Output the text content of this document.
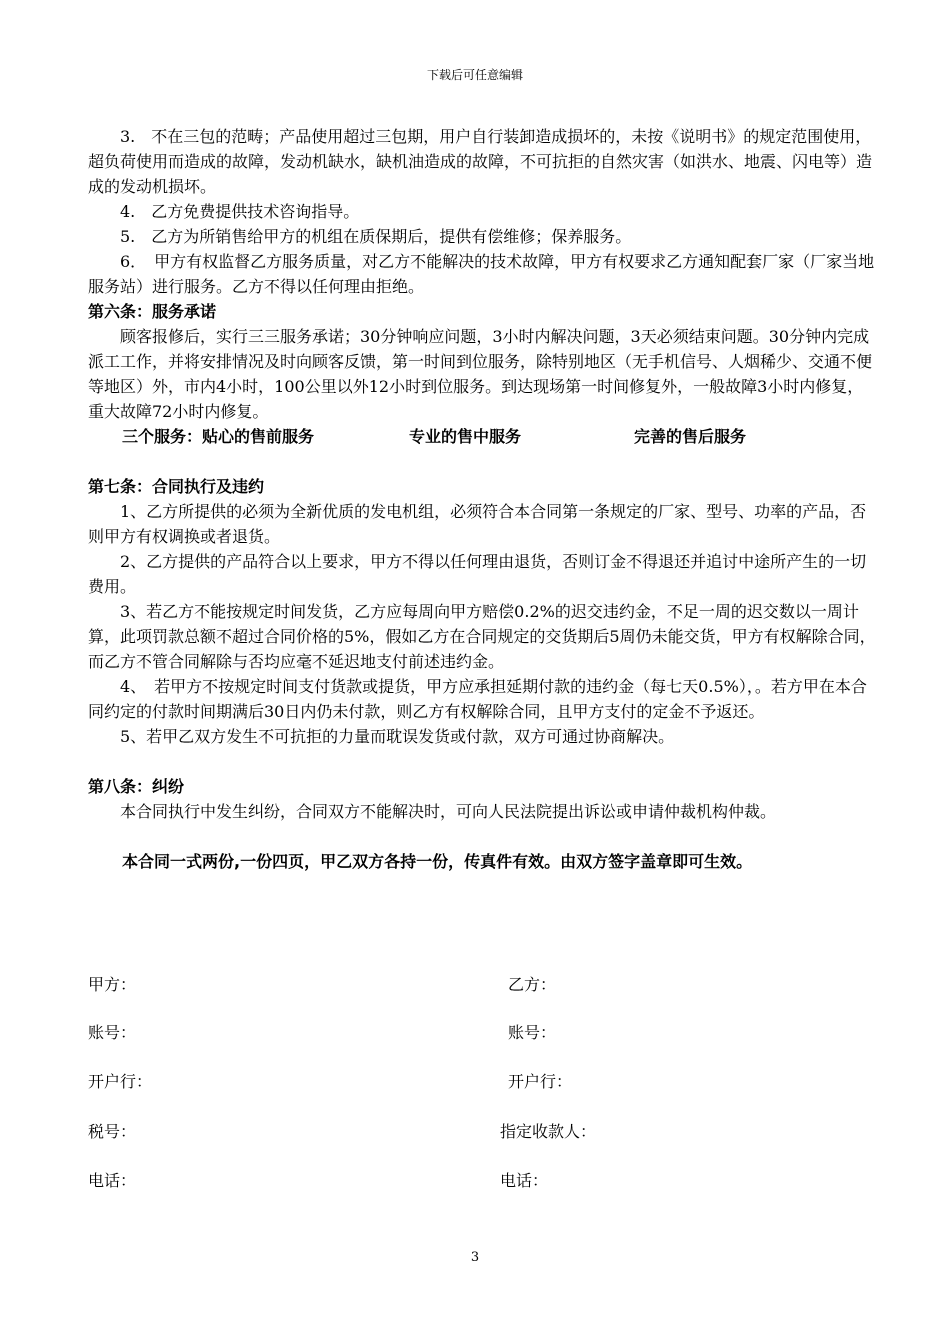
下载后可任意编辑

3.　不在三包的范畴；产品使用超过三包期，用户自行装卸造成损坏的，未按《说明书》的规定范围使用，超负荷使用而造成的故障，发动机缺水，缺机油造成的故障，不可抗拒的自然灾害（如洪水、地震、闪电等）造成的发动机损坏。

4.　乙方免费提供技术咨询指导。

5.　乙方为所销售给甲方的机组在质保期后，提供有偿维修；保养服务。

6．　甲方有权监督乙方服务质量，对乙方不能解决的技术故障，甲方有权要求乙方通知配套厂家（厂家当地服务站）进行服务。乙方不得以任何理由拒绝。

第六条：服务承诺

顾客报修后，实行三三服务承诺；30分钟响应问题，3小时内解决问题，3天必须结束问题。30分钟内完成派工工作，并将安排情况及时向顾客反馈，第一时间到位服务，除特别地区（无手机信号、人烟稀少、交通不便等地区）外，市内4小时，100公里以外12小时到位服务。到达现场第一时间修复外，一般故障3小时内修复，重大故障72小时内修复。

三个服务：贴心的售前服务	专业的售中服务	完善的售后服务

第七条：合同执行及违约

1、乙方所提供的必须为全新优质的发电机组，必须符合本合同第一条规定的厂家、型号、功率的产品，否则甲方有权调换或者退货。

2、乙方提供的产品符合以上要求，甲方不得以任何理由退货，否则订金不得退还并追讨中途所产生的一切费用。

3、若乙方不能按规定时间发货，乙方应每周向甲方赔偿0.2%的迟交违约金，不足一周的迟交数以一周计算，此项罚款总额不超过合同价格的5%，假如乙方在合同规定的交货期后5周仍未能交货，甲方有权解除合同，而乙方不管合同解除与否均应毫不延迟地支付前述违约金。

4、　若甲方不按规定时间支付货款或提货，甲方应承担延期付款的违约金（每七天0.5%），。若方甲在本合同约定的付款时间期满后30日内仍未付款，则乙方有权解除合同，且甲方支付的定金不予返还。

5、若甲乙双方发生不可抗拒的力量而耽误发货或付款，双方可通过协商解决。

第八条：纠纷

本合同执行中发生纠纷，合同双方不能解决时，可向人民法院提出诉讼或申请仲裁机构仲裁。

本合同一式两份,一份四页，甲乙双方各持一份，传真件有效。由双方签字盖章即可生效。

甲方：	乙方：
账号：	账号：
开户行：	开户行：
税号：	指定收款人：
电话：	电话：
3
